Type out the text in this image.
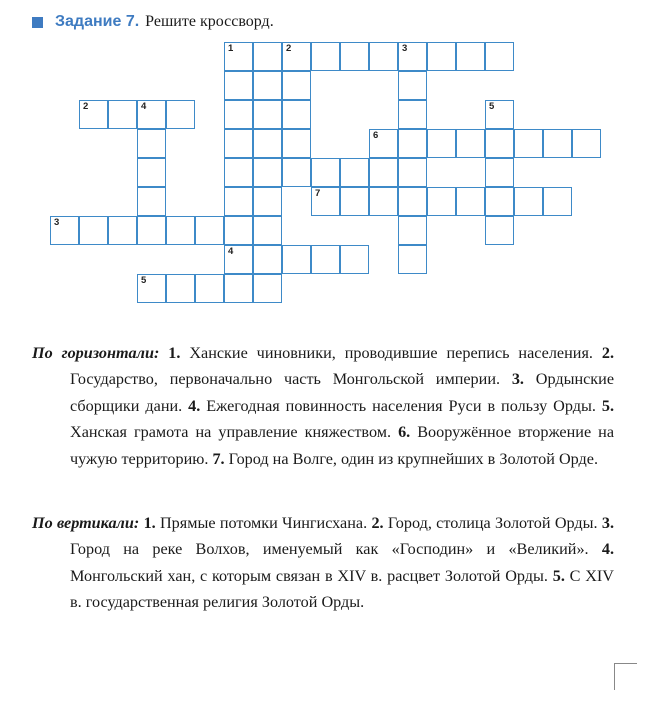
Задание 7. Решите кроссворд.
1	2	3
2	4	5
6
7
3
4
5

По горизонтали: 1. Ханские чиновники, проводившие перепись населения. 2. Государство, первоначально часть Монгольской империи. 3. Ордынские сборщики дани. 4. Ежегодная повинность населения Руси в пользу Орды. 5. Ханская грамота на управление княжеством. 6. Вооружённое вторжение на чужую территорию. 7. Город на Волге, один из крупнейших в Золотой Орде.

По вертикали: 1. Прямые потомки Чингисхана. 2. Город, столица Золотой Орды. 3. Город на реке Волхов, именуемый как «Господин» и «Великий». 4. Монгольский хан, с которым связан в XIV в. расцвет Золотой Орды. 5. С XIV в. государственная религия Золотой Орды.
